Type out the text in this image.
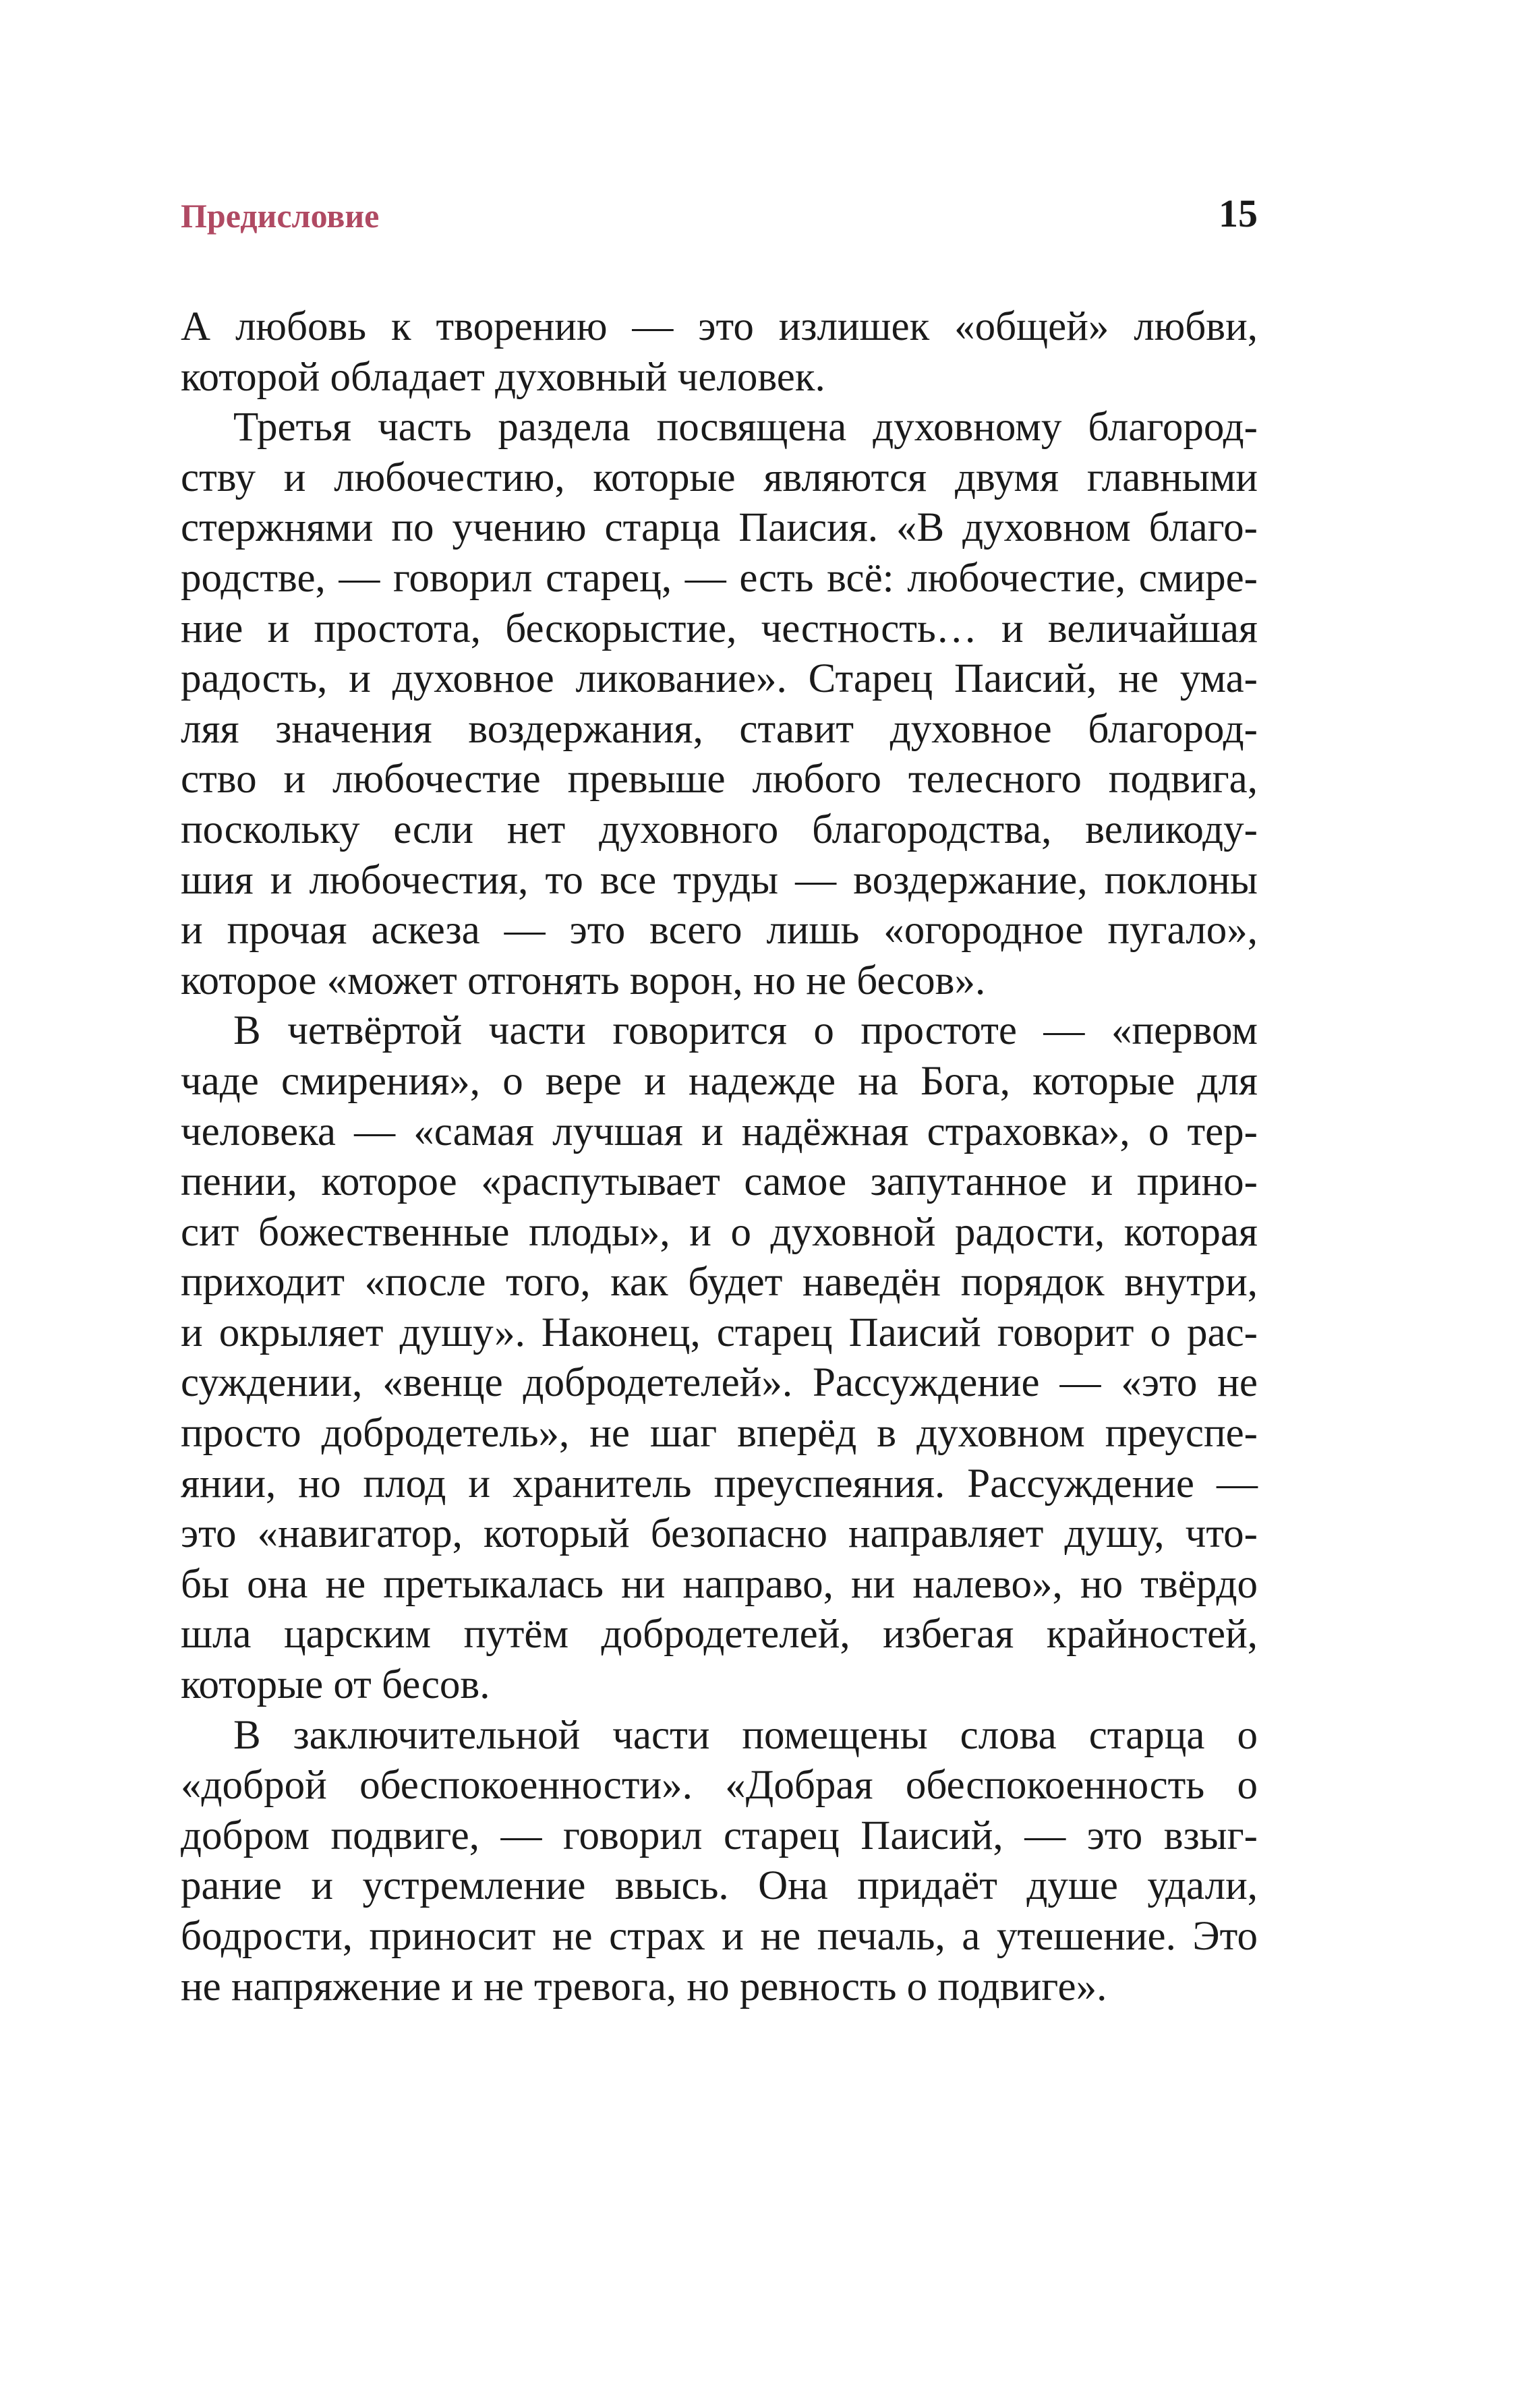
Предисловие	15

А любовь к творению — это излишек «общей» любви,
которой обладает духовный человек.

Третья часть раздела посвящена духовному благород-
ству и любочестию, которые являются двумя главными
стержнями по учению старца Паисия. «В духовном благо-
родстве, — говорил старец, — есть всё: любочестие, смире-
ние и простота, бескорыстие, честность… и величайшая
радость, и духовное ликование». Старец Паисий, не ума-
ляя значения воздержания, ставит духовное благород-
ство и любочестие превыше любого телесного подвига,
поскольку если нет духовного благородства, великоду-
шия и любочестия, то все труды — воздержание, поклоны
и прочая аскеза — это всего лишь «огородное пугало»,
которое «может отгонять ворон, но не бесов».

В четвёртой части говорится о простоте — «первом
чаде смирения», о вере и надежде на Бога, которые для
человека — «самая лучшая и надёжная страховка», о тер-
пении, которое «распутывает самое запутанное и прино-
сит божественные плоды», и о духовной радости, которая
приходит «после того, как будет наведён порядок внутри,
и окрыляет душу». Наконец, старец Паисий говорит о рас-
суждении, «венце добродетелей». Рассуждение — «это не
просто добродетель», не шаг вперёд в духовном преуспе-
янии, но плод и хранитель преуспеяния. Рассуждение —
это «навигатор, который безопасно направляет душу, что-
бы она не претыкалась ни направо, ни налево», но твёрдо
шла царским путём добродетелей, избегая крайностей,
которые от бесов.

В заключительной части помещены слова старца о
«доброй обеспокоенности». «Добрая обеспокоенность о
добром подвиге, — говорил старец Паисий, — это взыг-
рание и устремление ввысь. Она придаёт душе удали,
бодрости, приносит не страх и не печаль, а утешение. Это
не напряжение и не тревога, но ревность о подвиге».
